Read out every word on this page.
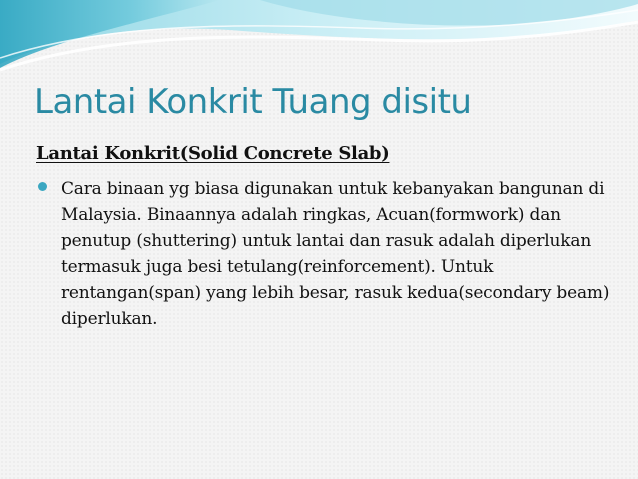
Lantai Konkrit Tuang disitu
Lantai Konkrit(Solid Concrete Slab)
Cara binaan yg biasa digunakan untuk kebanyakan bangunan di Malaysia. Binaannya adalah ringkas, Acuan(formwork) dan penutup (shuttering) untuk lantai dan rasuk adalah diperlukan termasuk juga besi tetulang(reinforcement). Untuk rentangan(span) yang lebih besar, rasuk kedua(secondary beam) diperlukan.
